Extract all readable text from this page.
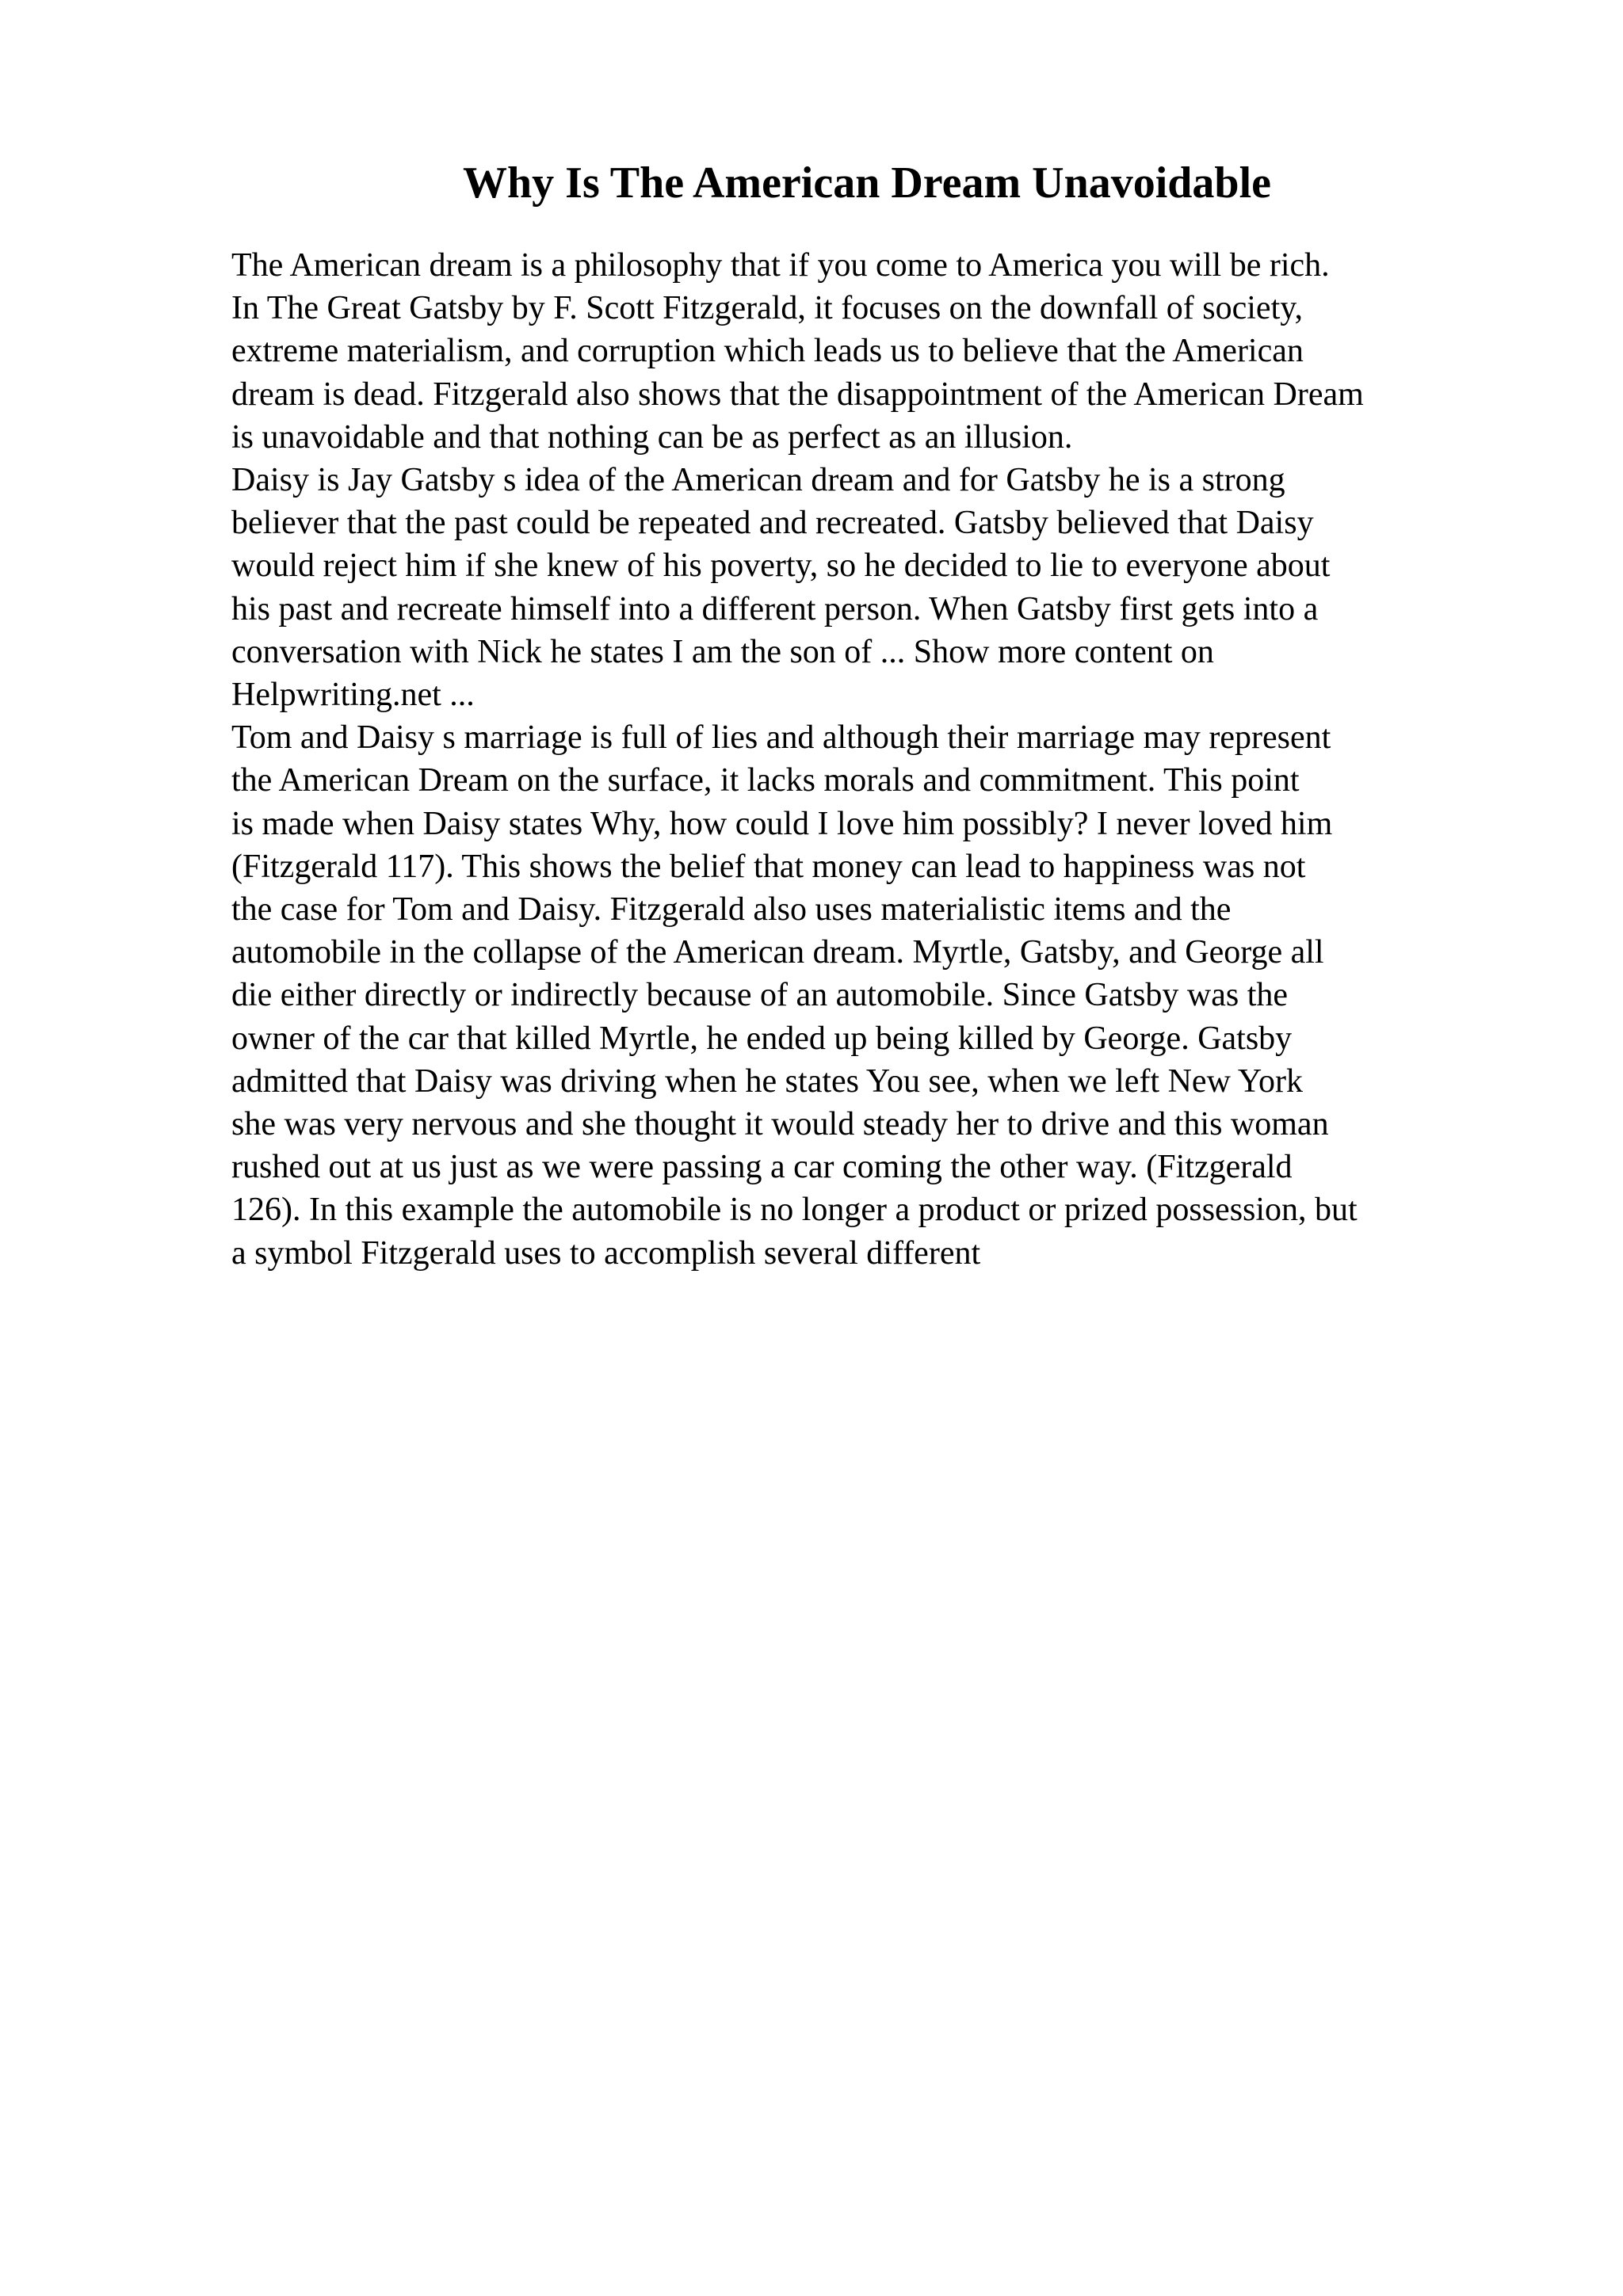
Why Is The American Dream Unavoidable
The American dream is a philosophy that if you come to America you will be rich.
In The Great Gatsby by F. Scott Fitzgerald, it focuses on the downfall of society,
extreme materialism, and corruption which leads us to believe that the American
dream is dead. Fitzgerald also shows that the disappointment of the American Dream
is unavoidable and that nothing can be as perfect as an illusion.
Daisy is Jay Gatsby s idea of the American dream and for Gatsby he is a strong
believer that the past could be repeated and recreated. Gatsby believed that Daisy
would reject him if she knew of his poverty, so he decided to lie to everyone about
his past and recreate himself into a different person. When Gatsby first gets into a
conversation with Nick he states I am the son of ... Show more content on
Helpwriting.net ...
Tom and Daisy s marriage is full of lies and although their marriage may represent
the American Dream on the surface, it lacks morals and commitment. This point
is made when Daisy states Why, how could I love him possibly? I never loved him
(Fitzgerald 117). This shows the belief that money can lead to happiness was not
the case for Tom and Daisy. Fitzgerald also uses materialistic items and the
automobile in the collapse of the American dream. Myrtle, Gatsby, and George all
die either directly or indirectly because of an automobile. Since Gatsby was the
owner of the car that killed Myrtle, he ended up being killed by George. Gatsby
admitted that Daisy was driving when he states You see, when we left New York
she was very nervous and she thought it would steady her to drive and this woman
rushed out at us just as we were passing a car coming the other way. (Fitzgerald
126). In this example the automobile is no longer a product or prized possession, but
a symbol Fitzgerald uses to accomplish several different
